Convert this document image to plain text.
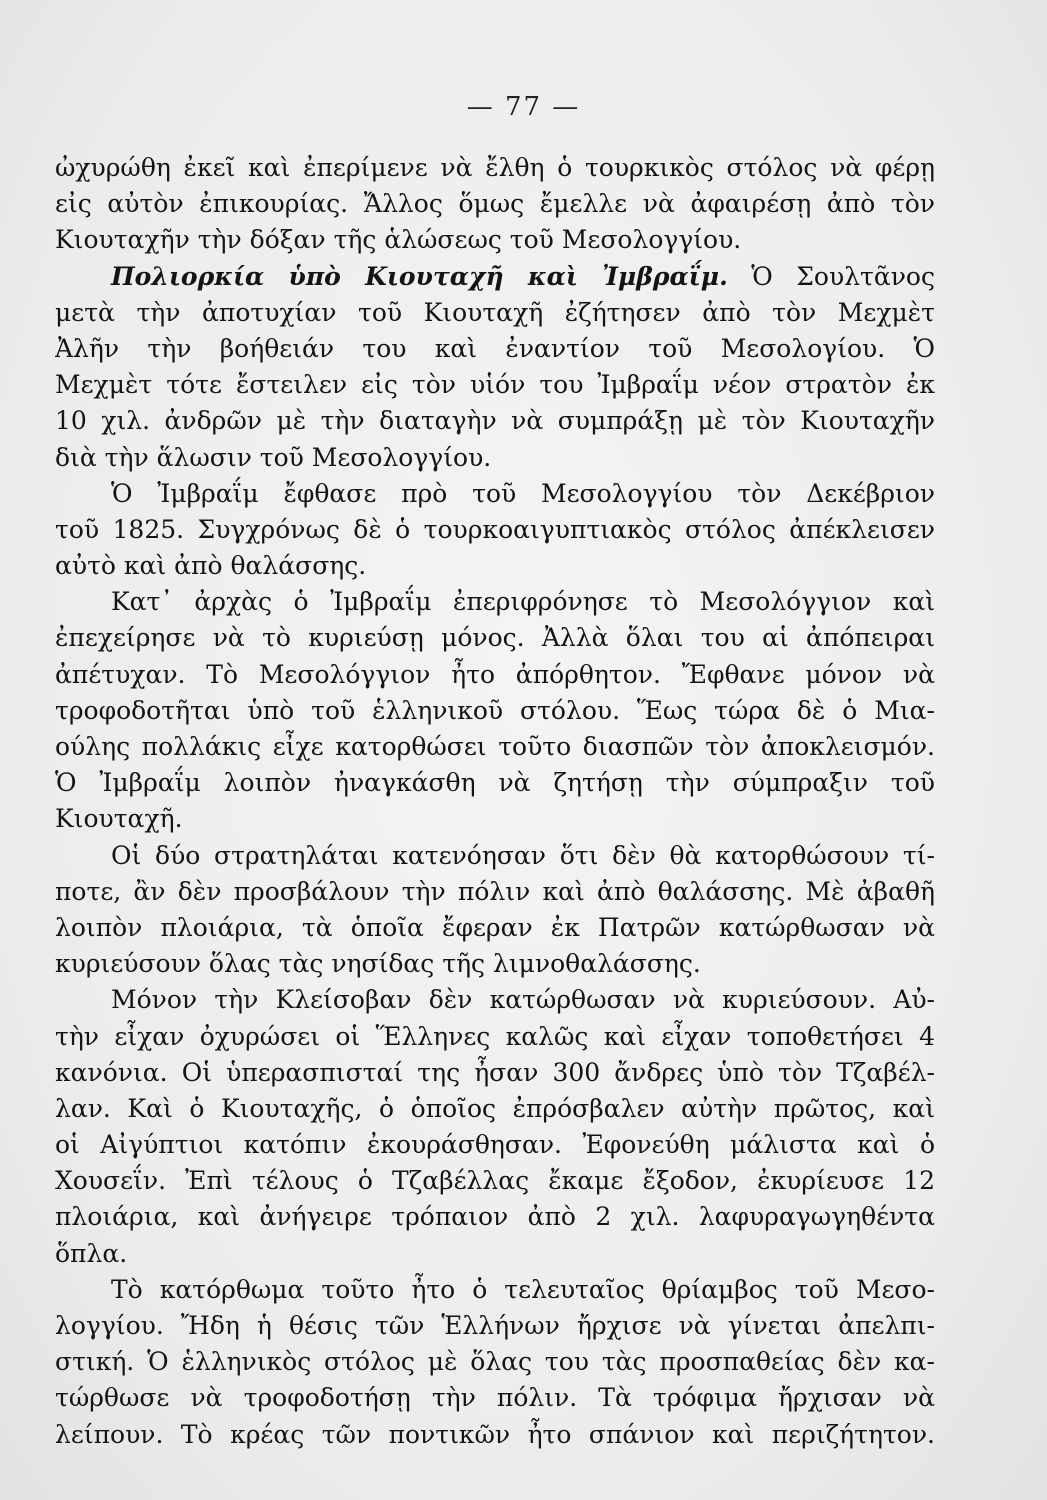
— 77 —
ὠχυρώθη ἐκεῖ καὶ ἐπερίμενε νὰ ἔλθη ὁ τουρκικὸς στόλος νὰ φέρῃ
εἰς αὐτὸν ἐπικουρίας. Ἄλλος ὅμως ἔμελλε νὰ ἀφαιρέσῃ ἀπὸ τὸν
Κιουταχῆν τὴν δόξαν τῆς ἁλώσεως τοῦ Μεσολογγίου.
Πολιορκία ὑπὸ Κιουταχῆ καὶ Ἰμβραΐμ. Ὁ Σουλτᾶνος
μετὰ τὴν ἀποτυχίαν τοῦ Κιουταχῆ ἐζήτησεν ἀπὸ τὸν Μεχμὲτ
Ἀλῆν τὴν βοήθειάν του καὶ ἐναντίον τοῦ Μεσολογίου. Ὁ
Μεχμὲτ τότε ἔστειλεν εἰς τὸν υἱόν του Ἰμβραΐμ νέον στρατὸν ἐκ
10 χιλ. ἀνδρῶν μὲ τὴν διαταγὴν νὰ συμπράξῃ μὲ τὸν Κιουταχῆν
διὰ τὴν ἅλωσιν τοῦ Μεσολογγίου.
Ὁ Ἰμβραΐμ ἔφθασε πρὸ τοῦ Μεσολογγίου τὸν Δεκέβριον
τοῦ 1825. Συγχρόνως δὲ ὁ τουρκοαιγυπτιακὸς στόλος ἀπέκλεισεν
αὐτὸ καὶ ἀπὸ θαλάσσης.
Κατ᾽ ἀρχὰς ὁ Ἰμβραΐμ ἐπεριφρόνησε τὸ Μεσολόγγιον καὶ
ἐπεχείρησε νὰ τὸ κυριεύσῃ μόνος. Ἀλλὰ ὅλαι του αἱ ἀπόπειραι
ἀπέτυχαν. Τὸ Μεσολόγγιον ἦτο ἀπόρθητον. Ἔφθανε μόνον νὰ
τροφοδοτῆται ὑπὸ τοῦ ἑλληνικοῦ στόλου. Ἕως τώρα δὲ ὁ Μια-
ούλης πολλάκις εἶχε κατορθώσει τοῦτο διασπῶν τὸν ἀποκλεισμόν.
Ὁ Ἰμβραΐμ λοιπὸν ἠναγκάσθη νὰ ζητήσῃ τὴν σύμπραξιν τοῦ
Κιουταχῆ.
Οἱ δύο στρατηλάται κατενόησαν ὅτι δὲν θὰ κατορθώσουν τί-
ποτε, ἂν δὲν προσβάλουν τὴν πόλιν καὶ ἀπὸ θαλάσσης. Μὲ ἀβαθῆ
λοιπὸν πλοιάρια, τὰ ὁποῖα ἔφεραν ἐκ Πατρῶν κατώρθωσαν νὰ
κυριεύσουν ὅλας τὰς νησίδας τῆς λιμνοθαλάσσης.
Μόνον τὴν Κλείσοβαν δὲν κατώρθωσαν νὰ κυριεύσουν. Αὐ-
τὴν εἶχαν ὀχυρώσει οἱ Ἕλληνες καλῶς καὶ εἶχαν τοποθετήσει 4
κανόνια. Οἱ ὑπερασπισταί της ἦσαν 300 ἄνδρες ὑπὸ τὸν Τζαβέλ-
λαν. Καὶ ὁ Κιουταχῆς, ὁ ὁποῖος ἐπρόσβαλεν αὐτὴν πρῶτος, καὶ
οἱ Αἰγύπτιοι κατόπιν ἐκουράσθησαν. Ἐφονεύθη μάλιστα καὶ ὁ
Χουσεΐν. Ἐπὶ τέλους ὁ Τζαβέλλας ἔκαμε ἔξοδον, ἐκυρίευσε 12
πλοιάρια, καὶ ἀνήγειρε τρόπαιον ἀπὸ 2 χιλ. λαφυραγωγηθέντα
ὅπλα.
Τὸ κατόρθωμα τοῦτο ἦτο ὁ τελευταῖος θρίαμβος τοῦ Μεσο-
λογγίου. Ἤδη ἡ θέσις τῶν Ἑλλήνων ἤρχισε νὰ γίνεται ἀπελπι-
στική. Ὁ ἑλληνικὸς στόλος μὲ ὅλας του τὰς προσπαθείας δὲν κα-
τώρθωσε νὰ τροφοδοτήσῃ τὴν πόλιν. Τὰ τρόφιμα ἤρχισαν νὰ
λείπουν. Τὸ κρέας τῶν ποντικῶν ἦτο σπάνιον καὶ περιζήτητον.
